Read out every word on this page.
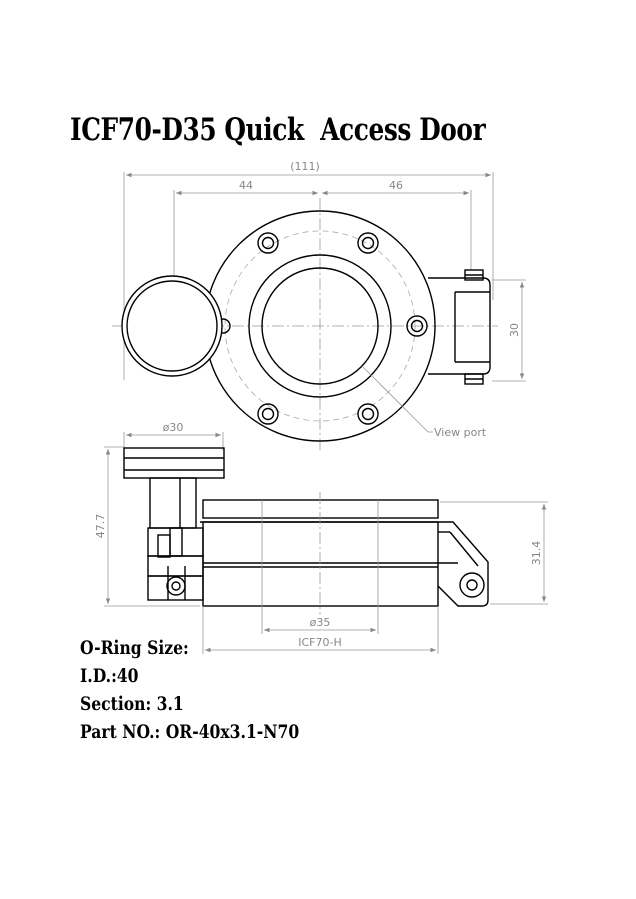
ICF70-D35 Quick  Access Door
(111)
44	46
30
View port
ø30
47.7
31.4
ø35
ICF70-H
O-Ring Size:
I.D.:40
Section: 3.1
Part NO.: OR-40x3.1-N70
